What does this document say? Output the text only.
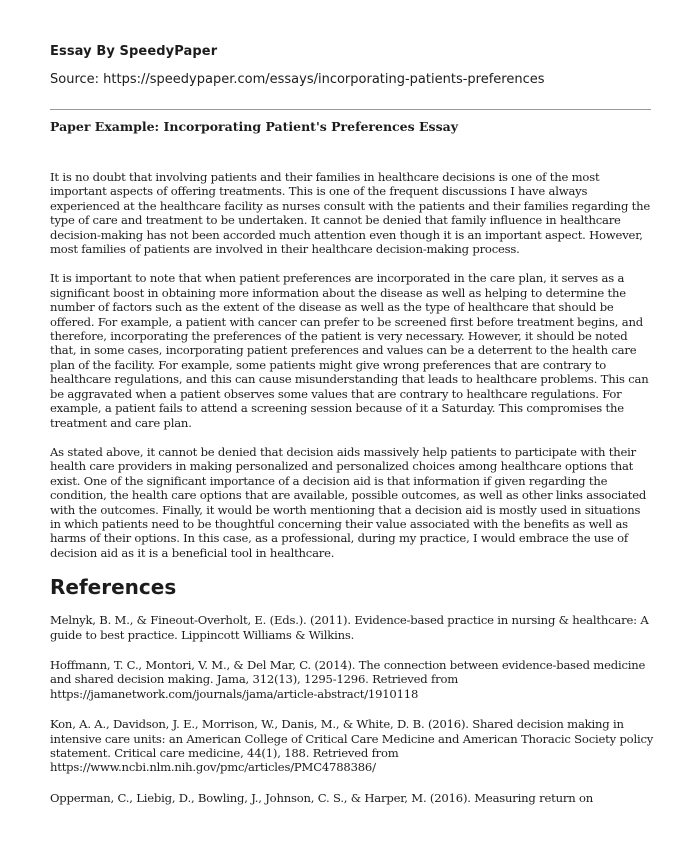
Essay By SpeedyPaper
Source: https://speedypaper.com/essays/incorporating-patients-preferences
Paper Example: Incorporating Patient's Preferences Essay

It is no doubt that involving patients and their families in healthcare decisions is one of the most important aspects of offering treatments. This is one of the frequent discussions I have always experienced at the healthcare facility as nurses consult with the patients and their families regarding the type of care and treatment to be undertaken. It cannot be denied that family influence in healthcare decision-making has not been accorded much attention even though it is an important aspect. However, most families of patients are involved in their healthcare decision-making process.

It is important to note that when patient preferences are incorporated in the care plan, it serves as a significant boost in obtaining more information about the disease as well as helping to determine the number of factors such as the extent of the disease as well as the type of healthcare that should be offered. For example, a patient with cancer can prefer to be screened first before treatment begins, and therefore, incorporating the preferences of the patient is very necessary. However, it should be noted that, in some cases, incorporating patient preferences and values can be a deterrent to the health care plan of the facility. For example, some patients might give wrong preferences that are contrary to healthcare regulations, and this can cause misunderstanding that leads to healthcare problems. This can be aggravated when a patient observes some values that are contrary to healthcare regulations. For example, a patient fails to attend a screening session because of it a Saturday. This compromises the treatment and care plan.

As stated above, it cannot be denied that decision aids massively help patients to participate with their health care providers in making personalized and personalized choices among healthcare options that exist. One of the significant importance of a decision aid is that information if given regarding the condition, the health care options that are available, possible outcomes, as well as other links associated with the outcomes. Finally, it would be worth mentioning that a decision aid is mostly used in situations in which patients need to be thoughtful concerning their value associated with the benefits as well as harms of their options. In this case, as a professional, during my practice, I would embrace the use of decision aid as it is a beneficial tool in healthcare.

References
Melnyk, B. M., & Fineout-Overholt, E. (Eds.). (2011). Evidence-based practice in nursing & healthcare: A guide to best practice. Lippincott Williams & Wilkins.
Hoffmann, T. C., Montori, V. M., & Del Mar, C. (2014). The connection between evidence-based medicine and shared decision making. Jama, 312(13), 1295-1296. Retrieved from https://jamanetwork.com/journals/jama/article-abstract/1910118
Kon, A. A., Davidson, J. E., Morrison, W., Danis, M., & White, D. B. (2016). Shared decision making in intensive care units: an American College of Critical Care Medicine and American Thoracic Society policy statement. Critical care medicine, 44(1), 188. Retrieved from https://www.ncbi.nlm.nih.gov/pmc/articles/PMC4788386/
Opperman, C., Liebig, D., Bowling, J., Johnson, C. S., & Harper, M. (2016). Measuring return on
